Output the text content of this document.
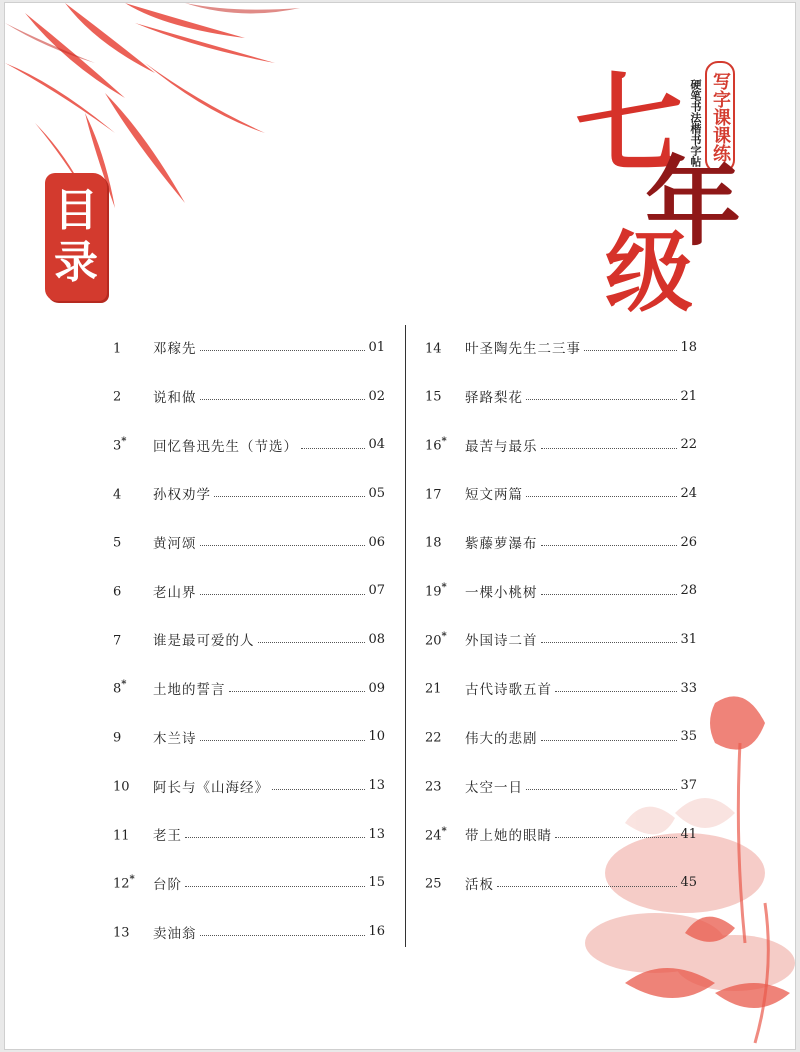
写字课课练
硬笔书法楷书字帖
七
年
级
目
录
1	邓稼先	01
2	说和做	02
3*	回忆鲁迅先生（节选）	04
4	孙权劝学	05
5	黄河颂	06
6	老山界	07
7	谁是最可爱的人	08
8*	土地的誓言	09
9	木兰诗	10
10	阿长与《山海经》	13
11	老王	13
12*	台阶	15
13	卖油翁	16
14	叶圣陶先生二三事	18
15	驿路梨花	21
16*	最苦与最乐	22
17	短文两篇	24
18	紫藤萝瀑布	26
19*	一棵小桃树	28
20*	外国诗二首	31
21	古代诗歌五首	33
22	伟大的悲剧	35
23	太空一日	37
24*	带上她的眼睛	41
25	活板	45
